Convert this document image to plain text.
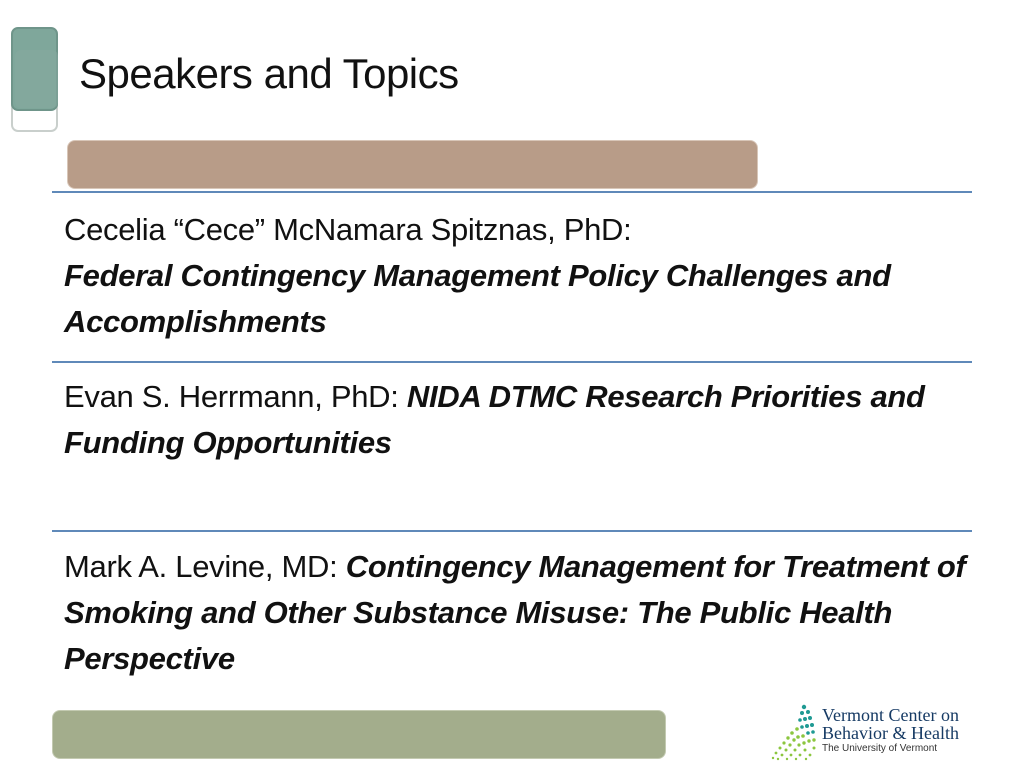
Speakers and Topics

Cecelia “Cece” McNamara Spitznas, PhD:
Federal Contingency Management Policy Challenges and Accomplishments

Evan S. Herrmann, PhD: NIDA DTMC Research Priorities and Funding Opportunities

Mark A. Levine, MD: Contingency Management for Treatment of Smoking and Other Substance Misuse: The Public Health Perspective

Vermont Center on
Behavior & Health
The University of Vermont
